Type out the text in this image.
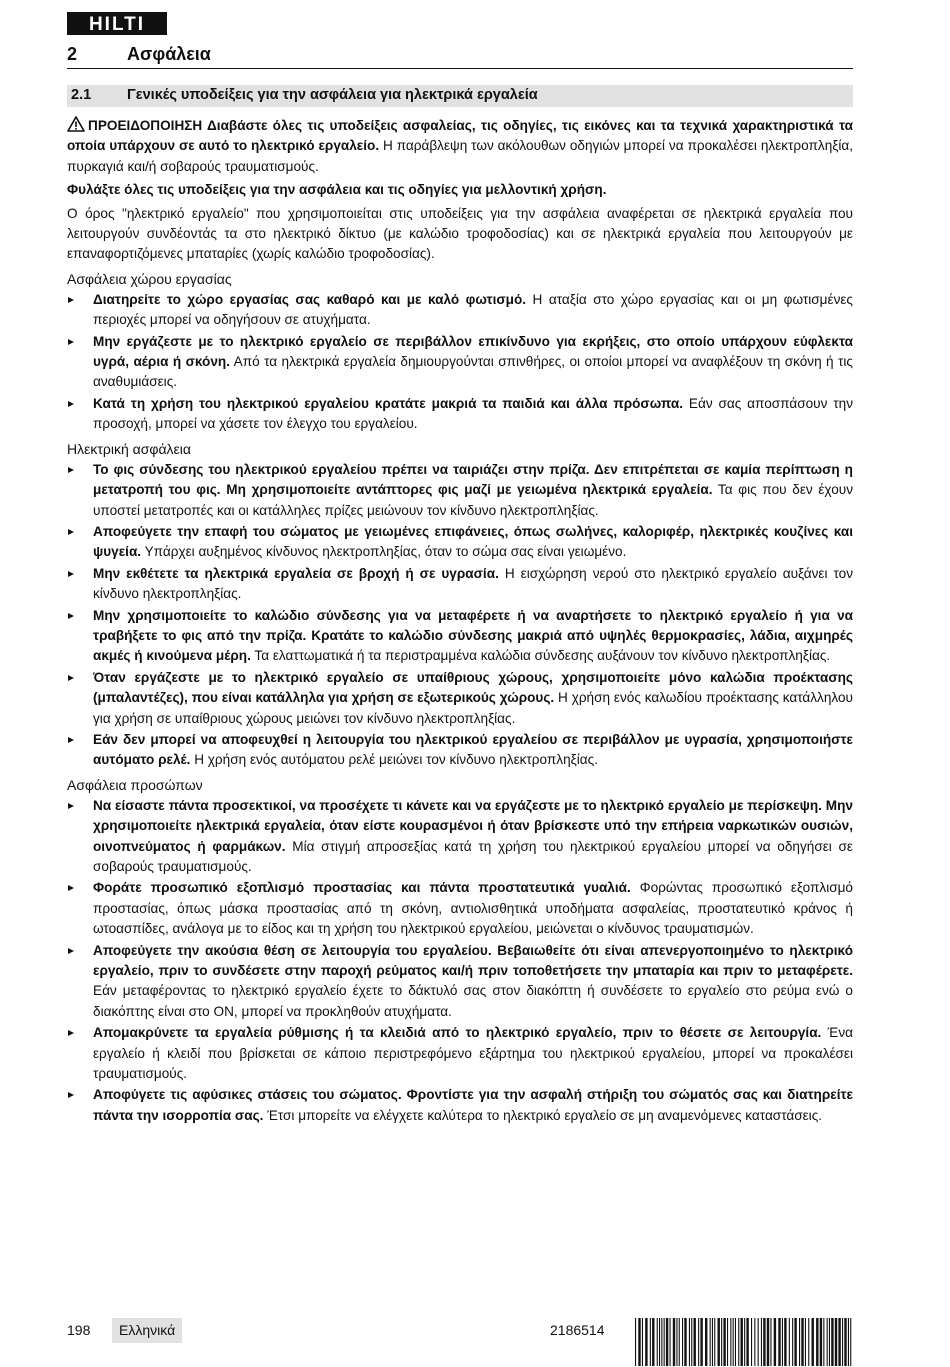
HILTI
2	Ασφάλεια
2.1 Γενικές υποδείξεις για την ασφάλεια για ηλεκτρικά εργαλεία

ΠΡΟΕΙΔΟΠΟΙΗΣΗ Διαβάστε όλες τις υποδείξεις ασφαλείας, τις οδηγίες, τις εικόνες και τα τεχνικά χαρακτηριστικά τα οποία υπάρχουν σε αυτό το ηλεκτρικό εργαλείο. Η παράβλεψη των ακόλουθων οδηγιών μπορεί να προκαλέσει ηλεκτροπληξία, πυρκαγιά και/ή σοβαρούς τραυματισμούς.

Φυλάξτε όλες τις υποδείξεις για την ασφάλεια και τις οδηγίες για μελλοντική χρήση.

Ο όρος "ηλεκτρικό εργαλείο" που χρησιμοποιείται στις υποδείξεις για την ασφάλεια αναφέρεται σε ηλεκτρικά εργαλεία που λειτουργούν συνδέοντάς τα στο ηλεκτρικό δίκτυο (με καλώδιο τροφοδοσίας) και σε ηλεκτρικά εργαλεία που λειτουργούν με επαναφορτιζόμενες μπαταρίες (χωρίς καλώδιο τροφοδοσίας).

Ασφάλεια χώρου εργασίας
Διατηρείτε το χώρο εργασίας σας καθαρό και με καλό φωτισμό. Η αταξία στο χώρο εργασίας και οι μη φωτισμένες περιοχές μπορεί να οδηγήσουν σε ατυχήματα.
Μην εργάζεστε με το ηλεκτρικό εργαλείο σε περιβάλλον επικίνδυνο για εκρήξεις, στο οποίο υπάρχουν εύφλεκτα υγρά, αέρια ή σκόνη. Από τα ηλεκτρικά εργαλεία δημιουργούνται σπινθήρες, οι οποίοι μπορεί να αναφλέξουν τη σκόνη ή τις αναθυμιάσεις.
Κατά τη χρήση του ηλεκτρικού εργαλείου κρατάτε μακριά τα παιδιά και άλλα πρόσωπα. Εάν σας αποσπάσουν την προσοχή, μπορεί να χάσετε τον έλεγχο του εργαλείου.
Ηλεκτρική ασφάλεια
Το φις σύνδεσης του ηλεκτρικού εργαλείου πρέπει να ταιριάζει στην πρίζα. Δεν επιτρέπεται σε καμία περίπτωση η μετατροπή του φις. Μη χρησιμοποιείτε αντάπτορες φις μαζί με γειωμένα ηλεκτρικά εργαλεία. Τα φις που δεν έχουν υποστεί μετατροπές και οι κατάλληλες πρίζες μειώνουν τον κίνδυνο ηλεκτροπληξίας.
Αποφεύγετε την επαφή του σώματος με γειωμένες επιφάνειες, όπως σωλήνες, καλοριφέρ, ηλεκτρικές κουζίνες και ψυγεία. Υπάρχει αυξημένος κίνδυνος ηλεκτροπληξίας, όταν το σώμα σας είναι γειωμένο.
Μην εκθέτετε τα ηλεκτρικά εργαλεία σε βροχή ή σε υγρασία. Η εισχώρηση νερού στο ηλεκτρικό εργαλείο αυξάνει τον κίνδυνο ηλεκτροπληξίας.
Μην χρησιμοποιείτε το καλώδιο σύνδεσης για να μεταφέρετε ή να αναρτήσετε το ηλεκτρικό εργαλείο ή για να τραβήξετε το φις από την πρίζα. Κρατάτε το καλώδιο σύνδεσης μακριά από υψηλές θερμοκρασίες, λάδια, αιχμηρές ακμές ή κινούμενα μέρη. Τα ελαττωματικά ή τα περιστραμμένα καλώδια σύνδεσης αυξάνουν τον κίνδυνο ηλεκτροπληξίας.
Όταν εργάζεστε με το ηλεκτρικό εργαλείο σε υπαίθριους χώρους, χρησιμοποιείτε μόνο καλώδια προέκτασης (μπαλαντέζες), που είναι κατάλληλα για χρήση σε εξωτερικούς χώρους. Η χρήση ενός καλωδίου προέκτασης κατάλληλου για χρήση σε υπαίθριους χώρους μειώνει τον κίνδυνο ηλεκτροπληξίας.
Εάν δεν μπορεί να αποφευχθεί η λειτουργία του ηλεκτρικού εργαλείου σε περιβάλλον με υγρασία, χρησιμοποιήστε αυτόματο ρελέ. Η χρήση ενός αυτόματου ρελέ μειώνει τον κίνδυνο ηλεκτροπληξίας.
Ασφάλεια προσώπων
Να είσαστε πάντα προσεκτικοί, να προσέχετε τι κάνετε και να εργάζεστε με το ηλεκτρικό εργαλείο με περίσκεψη. Μην χρησιμοποιείτε ηλεκτρικά εργαλεία, όταν είστε κουρασμένοι ή όταν βρίσκεστε υπό την επήρεια ναρκωτικών ουσιών, οινοπνεύματος ή φαρμάκων. Μία στιγμή απροσεξίας κατά τη χρήση του ηλεκτρικού εργαλείου μπορεί να οδηγήσει σε σοβαρούς τραυματισμούς.
Φοράτε προσωπικό εξοπλισμό προστασίας και πάντα προστατευτικά γυαλιά. Φορώντας προσωπικό εξοπλισμό προστασίας, όπως μάσκα προστασίας από τη σκόνη, αντιολισθητικά υποδήματα ασφαλείας, προστατευτικό κράνος ή ωτοασπίδες, ανάλογα με το είδος και τη χρήση του ηλεκτρικού εργαλείου, μειώνεται ο κίνδυνος τραυματισμών.
Αποφεύγετε την ακούσια θέση σε λειτουργία του εργαλείου. Βεβαιωθείτε ότι είναι απενεργοποιημένο το ηλεκτρικό εργαλείο, πριν το συνδέσετε στην παροχή ρεύματος και/ή πριν τοποθετήσετε την μπαταρία και πριν το μεταφέρετε. Εάν μεταφέροντας το ηλεκτρικό εργαλείο έχετε το δάκτυλό σας στον διακόπτη ή συνδέσετε το εργαλείο στο ρεύμα ενώ ο διακόπτης είναι στο ON, μπορεί να προκληθούν ατυχήματα.
Απομακρύνετε τα εργαλεία ρύθμισης ή τα κλειδιά από το ηλεκτρικό εργαλείο, πριν το θέσετε σε λειτουργία. Ένα εργαλείο ή κλειδί που βρίσκεται σε κάποιο περιστρεφόμενο εξάρτημα του ηλεκτρικού εργαλείου, μπορεί να προκαλέσει τραυματισμούς.
Αποφύγετε τις αφύσικες στάσεις του σώματος. Φροντίστε για την ασφαλή στήριξη του σώματός σας και διατηρείτε πάντα την ισορροπία σας. Έτσι μπορείτε να ελέγχετε καλύτερα το ηλεκτρικό εργαλείο σε μη αναμενόμενες καταστάσεις.
198	Ελληνικά	2186514
